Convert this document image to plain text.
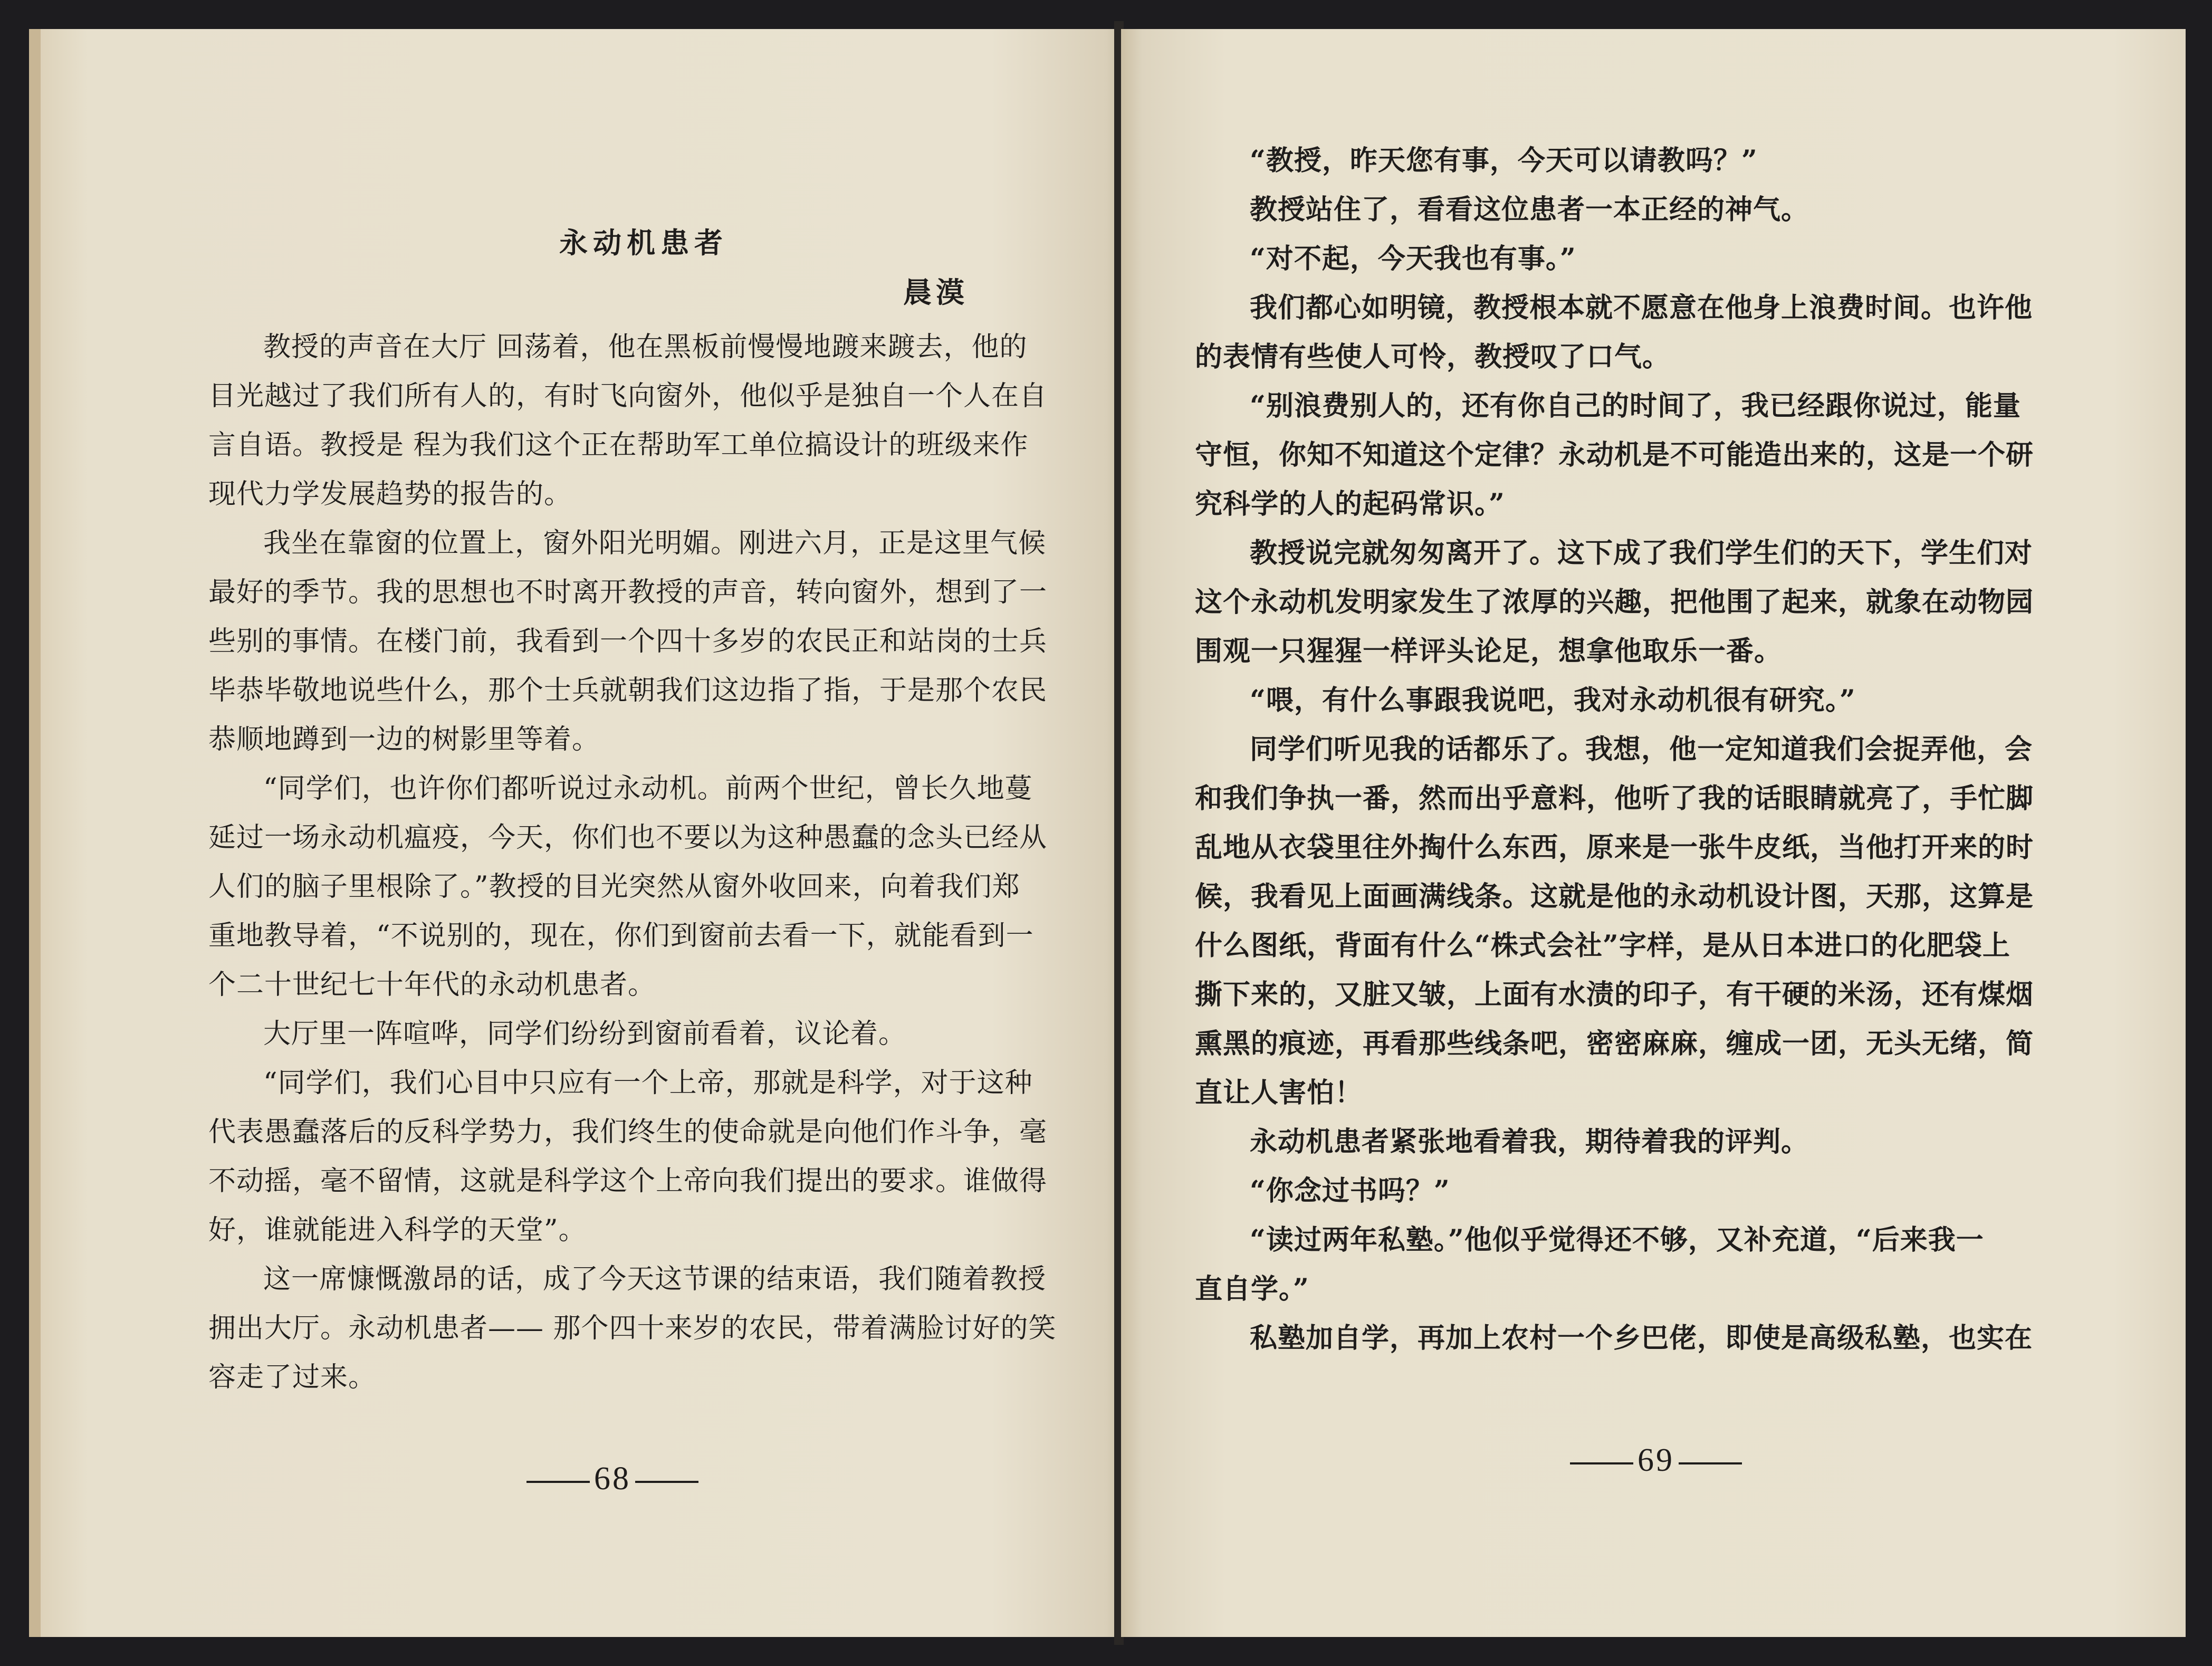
永动机患者
晨漠
教授的声音在大厅 回荡着，他在黑板前慢慢地踱来踱去，他的
目光越过了我们所有人的，有时飞向窗外，他似乎是独自一个人在自
言自语。教授是 程为我们这个正在帮助军工单位搞设计的班级来作
现代力学发展趋势的报告的。
我坐在靠窗的位置上，窗外阳光明媚。刚进六月，正是这里气候
最好的季节。我的思想也不时离开教授的声音，转向窗外，想到了一
些别的事情。在楼门前，我看到一个四十多岁的农民正和站岗的士兵
毕恭毕敬地说些什么，那个士兵就朝我们这边指了指，于是那个农民
恭顺地蹲到一边的树影里等着。
“同学们，也许你们都听说过永动机。前两个世纪，曾长久地蔓
延过一场永动机瘟疫，今天，你们也不要以为这种愚蠢的念头已经从
人们的脑子里根除了。”教授的目光突然从窗外收回来，向着我们郑
重地教导着，“不说别的，现在，你们到窗前去看一下，就能看到一
个二十世纪七十年代的永动机患者。
大厅里一阵喧哗，同学们纷纷到窗前看着，议论着。
“同学们，我们心目中只应有一个上帝，那就是科学，对于这种
代表愚蠢落后的反科学势力，我们终生的使命就是向他们作斗争，毫
不动摇，毫不留情，这就是科学这个上帝向我们提出的要求。谁做得
好，谁就能进入科学的天堂”。
这一席慷慨激昂的话，成了今天这节课的结束语，我们随着教授
拥出大厅。永动机患者—— 那个四十来岁的农民，带着满脸讨好的笑
容走了过来。
“教授，昨天您有事，今天可以请教吗？”
教授站住了，看看这位患者一本正经的神气。
“对不起，今天我也有事。”
我们都心如明镜，教授根本就不愿意在他身上浪费时间。也许他
的表情有些使人可怜，教授叹了口气。
“别浪费别人的，还有你自己的时间了，我已经跟你说过，能量
守恒，你知不知道这个定律？永动机是不可能造出来的，这是一个研
究科学的人的起码常识。”
教授说完就匆匆离开了。这下成了我们学生们的天下，学生们对
这个永动机发明家发生了浓厚的兴趣，把他围了起来，就象在动物园
围观一只猩猩一样评头论足，想拿他取乐一番。
“喂，有什么事跟我说吧，我对永动机很有研究。”
同学们听见我的话都乐了。我想，他一定知道我们会捉弄他，会
和我们争执一番，然而出乎意料，他听了我的话眼睛就亮了，手忙脚
乱地从衣袋里往外掏什么东西，原来是一张牛皮纸，当他打开来的时
候，我看见上面画满线条。这就是他的永动机设计图，天那，这算是
什么图纸，背面有什么“株式会社”字样，是从日本进口的化肥袋上
撕下来的，又脏又皱，上面有水渍的印子，有干硬的米汤，还有煤烟
熏黑的痕迹，再看那些线条吧，密密麻麻，缠成一团，无头无绪，简
直让人害怕！
永动机患者紧张地看着我，期待着我的评判。
“你念过书吗？”
“读过两年私塾。”他似乎觉得还不够，又补充道，“后来我一
直自学。”
私塾加自学，再加上农村一个乡巴佬，即使是高级私塾，也实在
68
69
